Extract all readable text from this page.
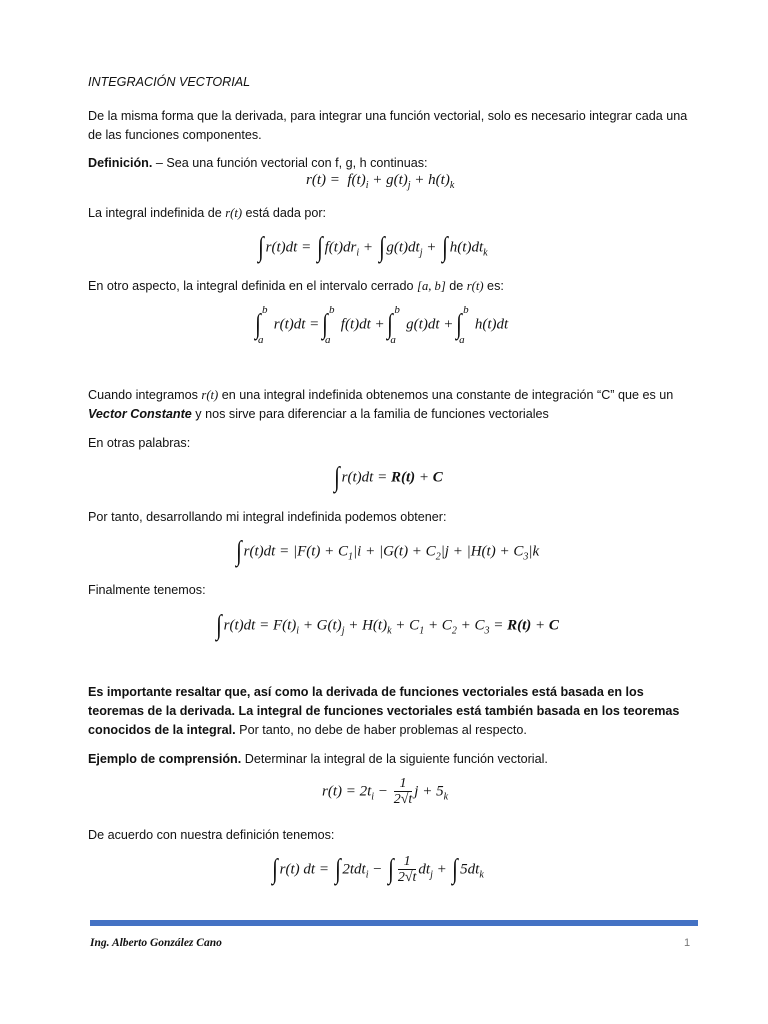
INTEGRACIÓN VECTORIAL
De la misma forma que la derivada, para integrar una función vectorial, solo es necesario integrar cada una de las funciones componentes.
Definición. – Sea una función vectorial con f, g, h continuas:
$r(t) = f(t)_i + g(t)_j + h(t)_k$
La integral indefinida de r(t) está dada por:
∫ r(t)dt = ∫ $f(t)dr_i$ + ∫ $g(t)dt_j$ + ∫ $h(t)dt_k$
En otro aspecto, la integral definida en el intervalo cerrado [a, b] de r(t) es:
∫ b
a
r(t)dt =
∫ b
a
f(t)dt +
∫ b
a
g(t)dt +
∫ b
a
h(t)dt
Cuando integramos r(t) en una integral indefinida obtenemos una constante de integración “C” que es un Vector Constante y nos sirve para diferenciar a la familia de funciones vectoriales
En otras palabras:
∫ r(t)dt = R(t) + C
Por tanto, desarrollando mi integral indefinida podemos obtener:
∫ $r(t)dt = |F(t) + C_1|i + |G(t) + C_2|j + |H(t) + C_3|k$
Finalmente tenemos:
∫ $r(t)dt = F(t)_i + G(t)_j + H(t)_k + C_1 + C_2 + C_3 = R(t) + C$
Es importante resaltar que, así como la derivada de funciones vectoriales está basada en los teoremas de la derivada. La integral de funciones vectoriales está también basada en los teoremas conocidos de la integral. Por tanto, no debe de haber problemas al respecto.
Ejemplo de comprensión. Determinar la integral de la siguiente función vectorial.
$r(t) = 2t_i - \frac{1}{2√t}$ $j + 5_k$
De acuerdo con nuestra definición tenemos:
∫ r(t) dt = ∫ 2tdt$_i$ − ∫ $\frac{1}{2√t} dt_j$ + ∫ $5dt_k$
Ing. Alberto González Cano	1
